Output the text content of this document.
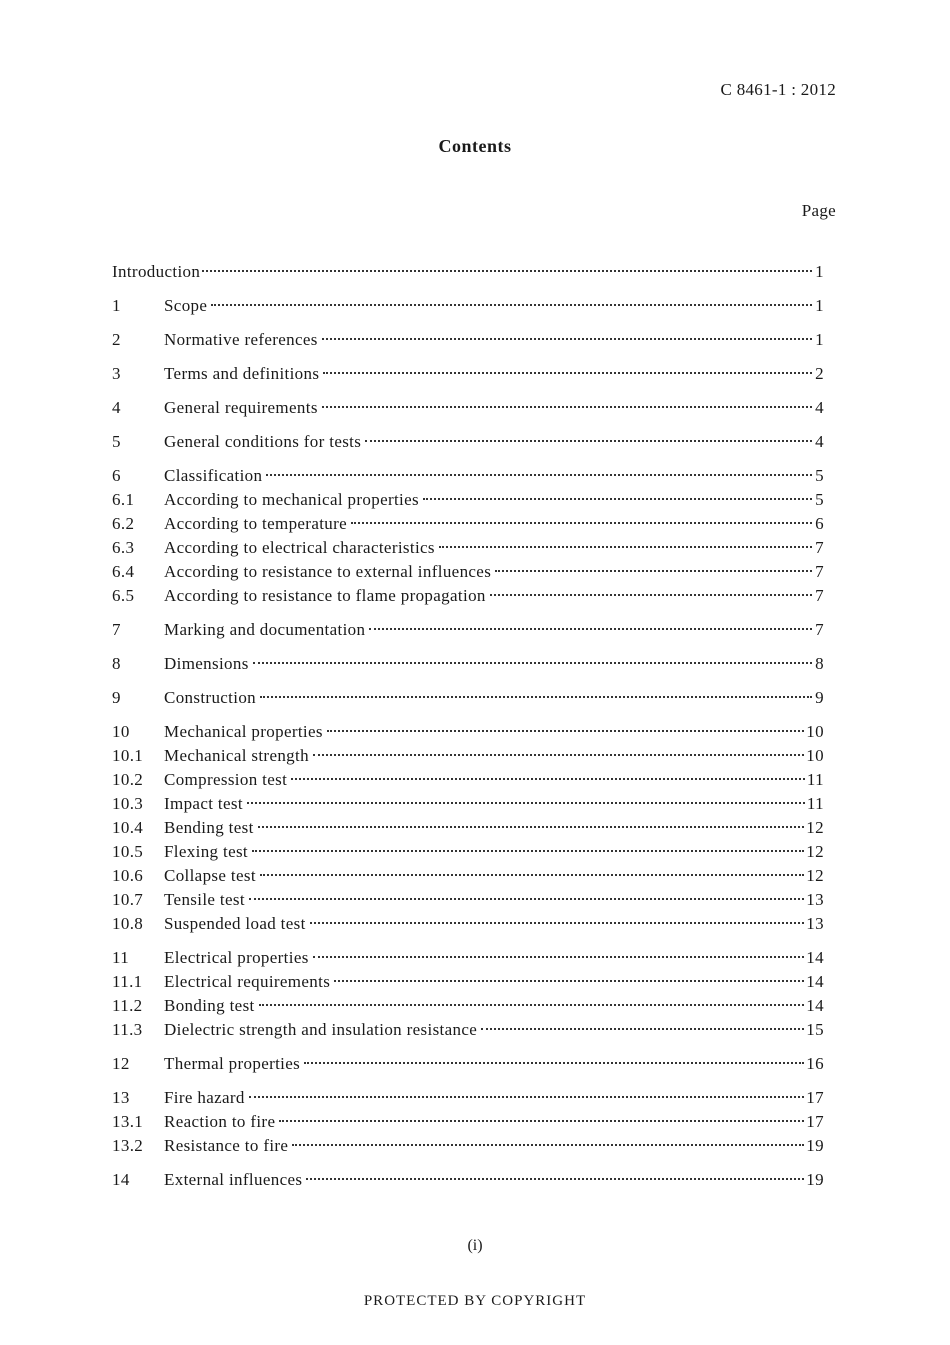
C 8461-1 : 2012
Contents
Page
Introduction	1
1	Scope	1
2	Normative references	1
3	Terms and definitions	2
4	General requirements	4
5	General conditions for tests	4
6	Classification	5
6.1	According to mechanical properties	5
6.2	According to temperature	6
6.3	According to electrical characteristics	7
6.4	According to resistance to external influences	7
6.5	According to resistance to flame propagation	7
7	Marking and documentation	7
8	Dimensions	8
9	Construction	9
10	Mechanical properties	10
10.1	Mechanical strength	10
10.2	Compression test	11
10.3	Impact test	11
10.4	Bending test	12
10.5	Flexing test	12
10.6	Collapse test	12
10.7	Tensile test	13
10.8	Suspended load test	13
11	Electrical properties	14
11.1	Electrical requirements	14
11.2	Bonding test	14
11.3	Dielectric strength and insulation resistance	15
12	Thermal properties	16
13	Fire hazard	17
13.1	Reaction to fire	17
13.2	Resistance to fire	19
14	External influences	19
(i)
PROTECTED BY COPYRIGHT
